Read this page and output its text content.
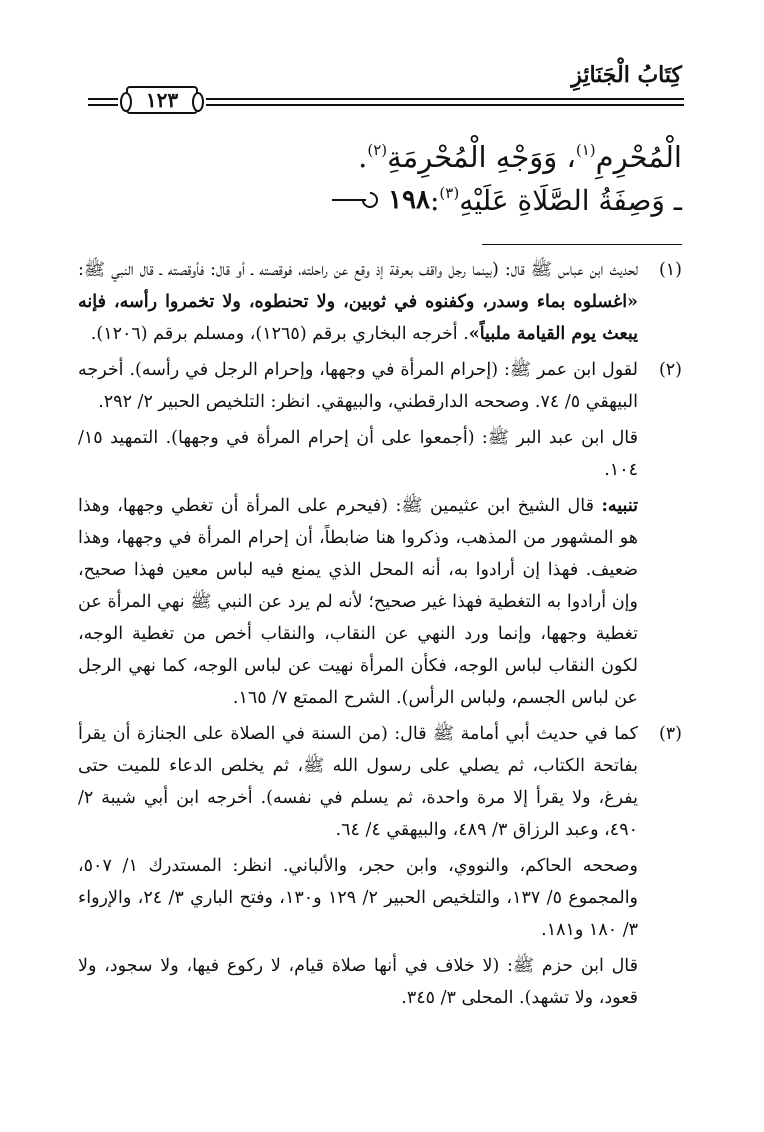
كِتَابُ الْجَنَائِزِ
١٢٣
الْمُحْرِمِ$^{(١)}$، وَوَجْهِ الْمُحْرِمَةِ$^{(٢)}$.
ـ وَصِفَةُ الصَّلَاةِ عَلَيْهِ$^{(٣)}$:
١٩٨
(١)

لحديث ابن عباس ﷺ قال: (بينما رجل واقف بعرفة إذ وقع عن راحلته، فوقصته ـ أو قال: فأوقصته ـ قال النبي ﷺ: «اغسلوه بماء وسدر، وكفنوه في ثوبين، ولا تحنطوه، ولا تخمروا رأسه، فإنه يبعث يوم القيامة ملبياً». أخرجه البخاري برقم (١٢٦٥)، ومسلم برقم (١٢٠٦).

(٢)

لقول ابن عمر ﷺ: (إحرام المرأة في وجهها، وإحرام الرجل في رأسه). أخرجه البيهقي ٥/ ٧٤. وصححه الدارقطني، والبيهقي. انظر: التلخيص الحبير ٢/ ٢٩٢.

قال ابن عبد البر ﷺ: (أجمعوا على أن إحرام المرأة في وجهها). التمهيد ١٥/ ١٠٤.

تنبيه: قال الشيخ ابن عثيمين ﷺ: (فيحرم على المرأة أن تغطي وجهها، وهذا هو المشهور من المذهب، وذكروا هنا ضابطاً، أن إحرام المرأة في وجهها، وهذا ضعيف. فهذا إن أرادوا به، أنه المحل الذي يمنع فيه لباس معين فهذا صحيح، وإن أرادوا به التغطية فهذا غير صحيح؛ لأنه لم يرد عن النبي ﷺ نهي المرأة عن تغطية وجهها، وإنما ورد النهي عن النقاب، والنقاب أخص من تغطية الوجه، لكون النقاب لباس الوجه، فكأن المرأة نهيت عن لباس الوجه، كما نهي الرجل عن لباس الجسم، ولباس الرأس). الشرح الممتع ٧/ ١٦٥.

(٣)

كما في حديث أبي أمامة ﷺ قال: (من السنة في الصلاة على الجنازة أن يقرأ بفاتحة الكتاب، ثم يصلي على رسول الله ﷺ، ثم يخلص الدعاء للميت حتى يفرغ، ولا يقرأ إلا مرة واحدة، ثم يسلم في نفسه). أخرجه ابن أبي شيبة ٢/ ٤٩٠، وعبد الرزاق ٣/ ٤٨٩، والبيهقي ٤/ ٦٤.

وصححه الحاكم، والنووي، وابن حجر، والألباني. انظر: المستدرك ١/ ٥٠٧، والمجموع ٥/ ١٣٧، والتلخيص الحبير ٢/ ١٢٩ و١٣٠، وفتح الباري ٣/ ٢٤، والإرواء ٣/ ١٨٠ و١٨١.

قال ابن حزم ﷺ: (لا خلاف في أنها صلاة قيام، لا ركوع فيها، ولا سجود، ولا قعود، ولا تشهد). المحلى ٣/ ٣٤٥.
